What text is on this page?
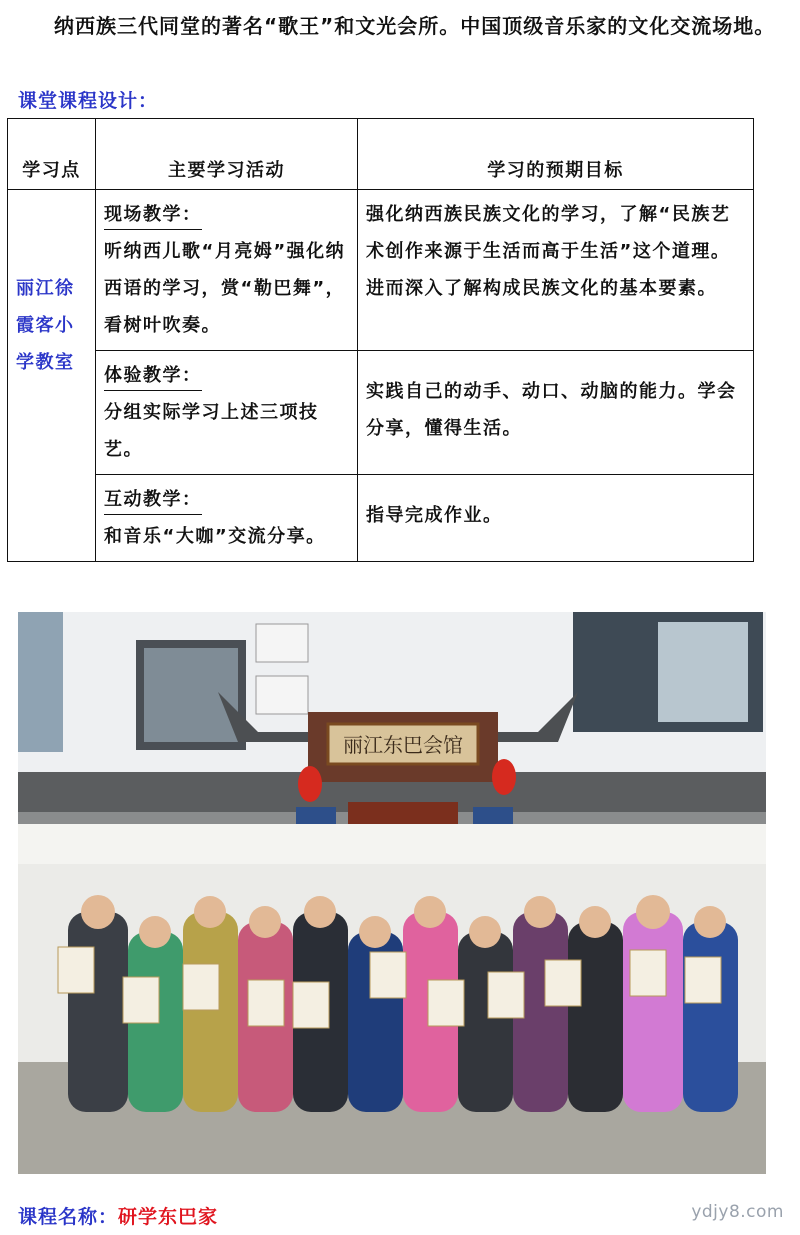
纳西族三代同堂的著名“歌王”和文光会所。中国顶级音乐家的文化交流场地。

课堂课程设计：
学习点	主要学习活动	学习的预期目标
丽江徐霞客小学教室	现场教学：
听纳西儿歌“月亮姆”强化纳西语的学习，赏“勒巴舞”，看树叶吹奏。	强化纳西族民族文化的学习，了解“民族艺术创作来源于生活而高于生活”这个道理。进而深入了解构成民族文化的基本要素。
	体验教学：
分组实际学习上述三项技艺。	实践自己的动手、动口、动脑的能力。学会分享，懂得生活。
	互动教学：
和音乐“大咖”交流分享。	指导完成作业。
丽江东巴会馆
课程名称：研学东巴家	ydjy8.com
